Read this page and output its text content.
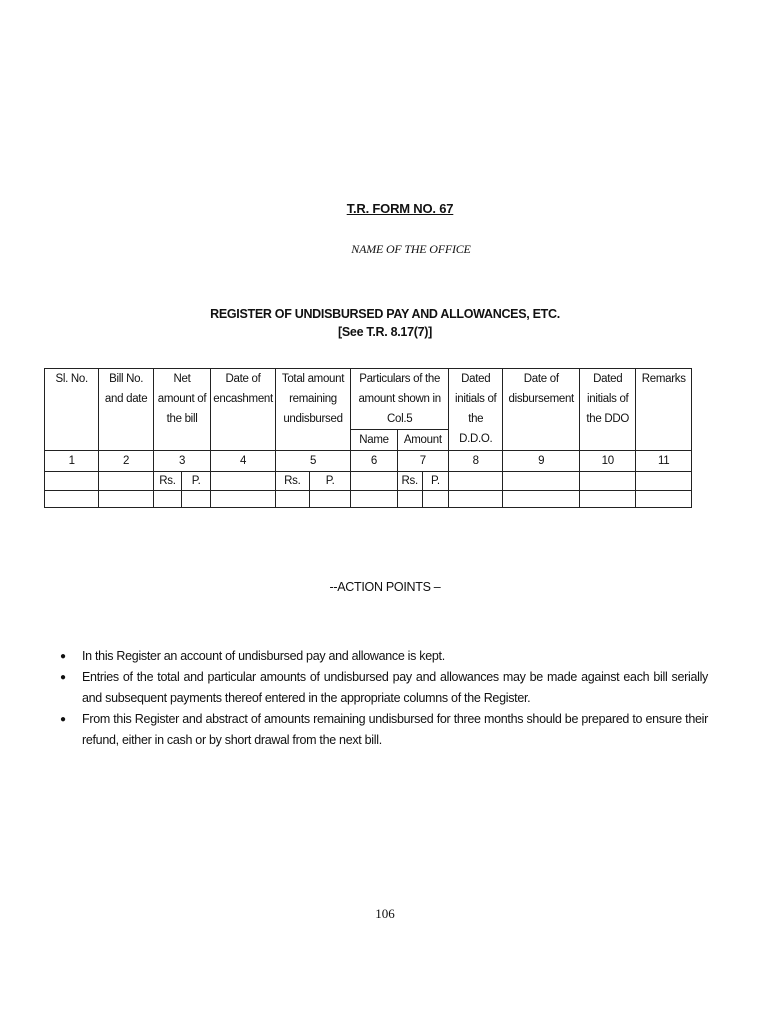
T.R. FORM NO. 67
NAME OF THE OFFICE
REGISTER OF UNDISBURSED PAY AND ALLOWANCES, ETC.
[See T.R. 8.17(7)]
Sl. No.	Bill No. and date	Net amount of the bill		Date of encashment	Total amount remaining undisbursed		Particulars of the amount shown in Col.5			Dated initials of the D.D.O.	Date of disbursement	Dated initials of the DDO	Remarks
							Name	Amount					
1	2	3		4	5		6	7		8	9	10	11
		Rs.	P.		Rs.	P.		Rs.	P.				

--ACTION POINTS –
● In this Register an account of undisbursed pay and allowance is kept.
● Entries of the total and particular amounts of undisbursed pay and allowances may be made against each bill serially and subsequent payments thereof entered in the appropriate columns of the Register.
● From this Register and abstract of amounts remaining undisbursed for three months should be prepared to ensure their refund, either in cash or by short drawal from the next bill.
106
